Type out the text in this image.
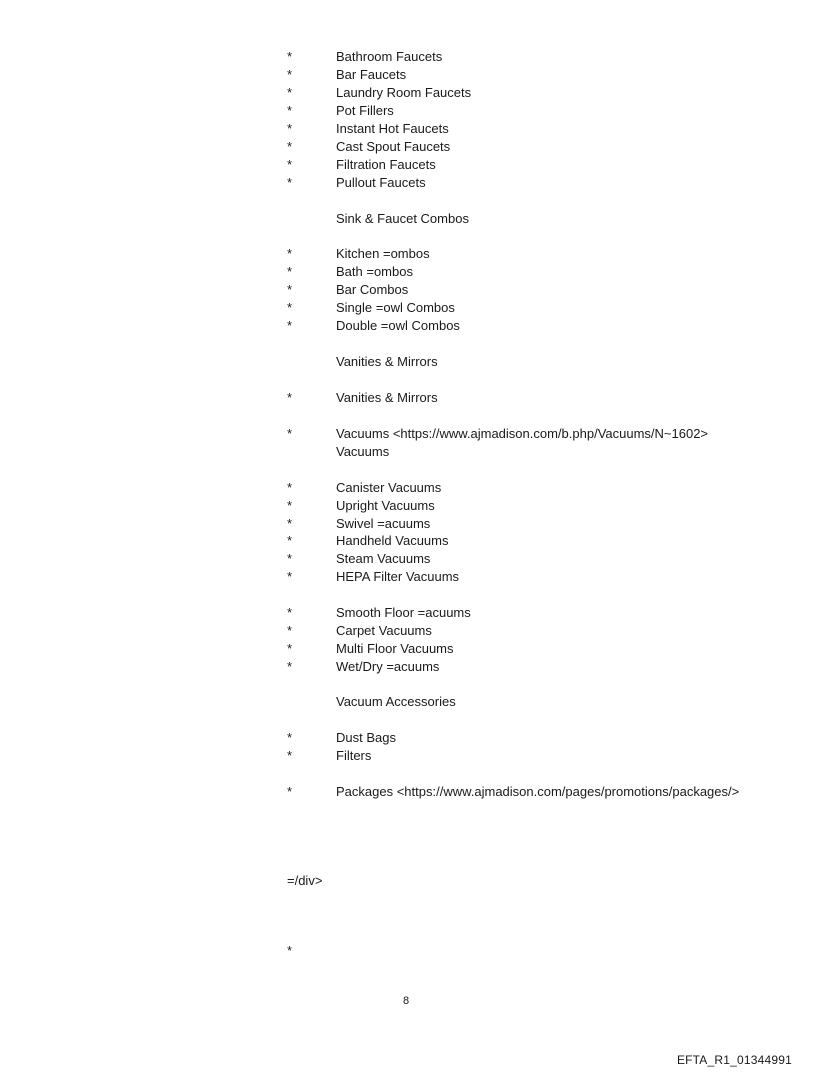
*	Bathroom Faucets
*	Bar Faucets
*	Laundry Room Faucets
*	Pot Fillers
*	Instant Hot Faucets
*	Cast Spout Faucets
*	Filtration Faucets
*	Pullout Faucets
Sink & Faucet Combos
*	Kitchen =ombos
*	Bath =ombos
*	Bar Combos
*	Single =owl Combos
*	Double =owl Combos
Vanities & Mirrors
*	Vanities & Mirrors
*	Vacuums <https://www.ajmadison.com/b.php/Vacuums/N~1602>
Vacuums
*	Canister Vacuums
*	Upright Vacuums
*	Swivel =acuums
*	Handheld Vacuums
*	Steam Vacuums
*	HEPA Filter Vacuums
*	Smooth Floor =acuums
*	Carpet Vacuums
*	Multi Floor Vacuums
*	Wet/Dry =acuums
Vacuum Accessories
*	Dust Bags
*	Filters
*	Packages <https://www.ajmadison.com/pages/promotions/packages/>
=/div>
*
8
EFTA_R1_01344991
